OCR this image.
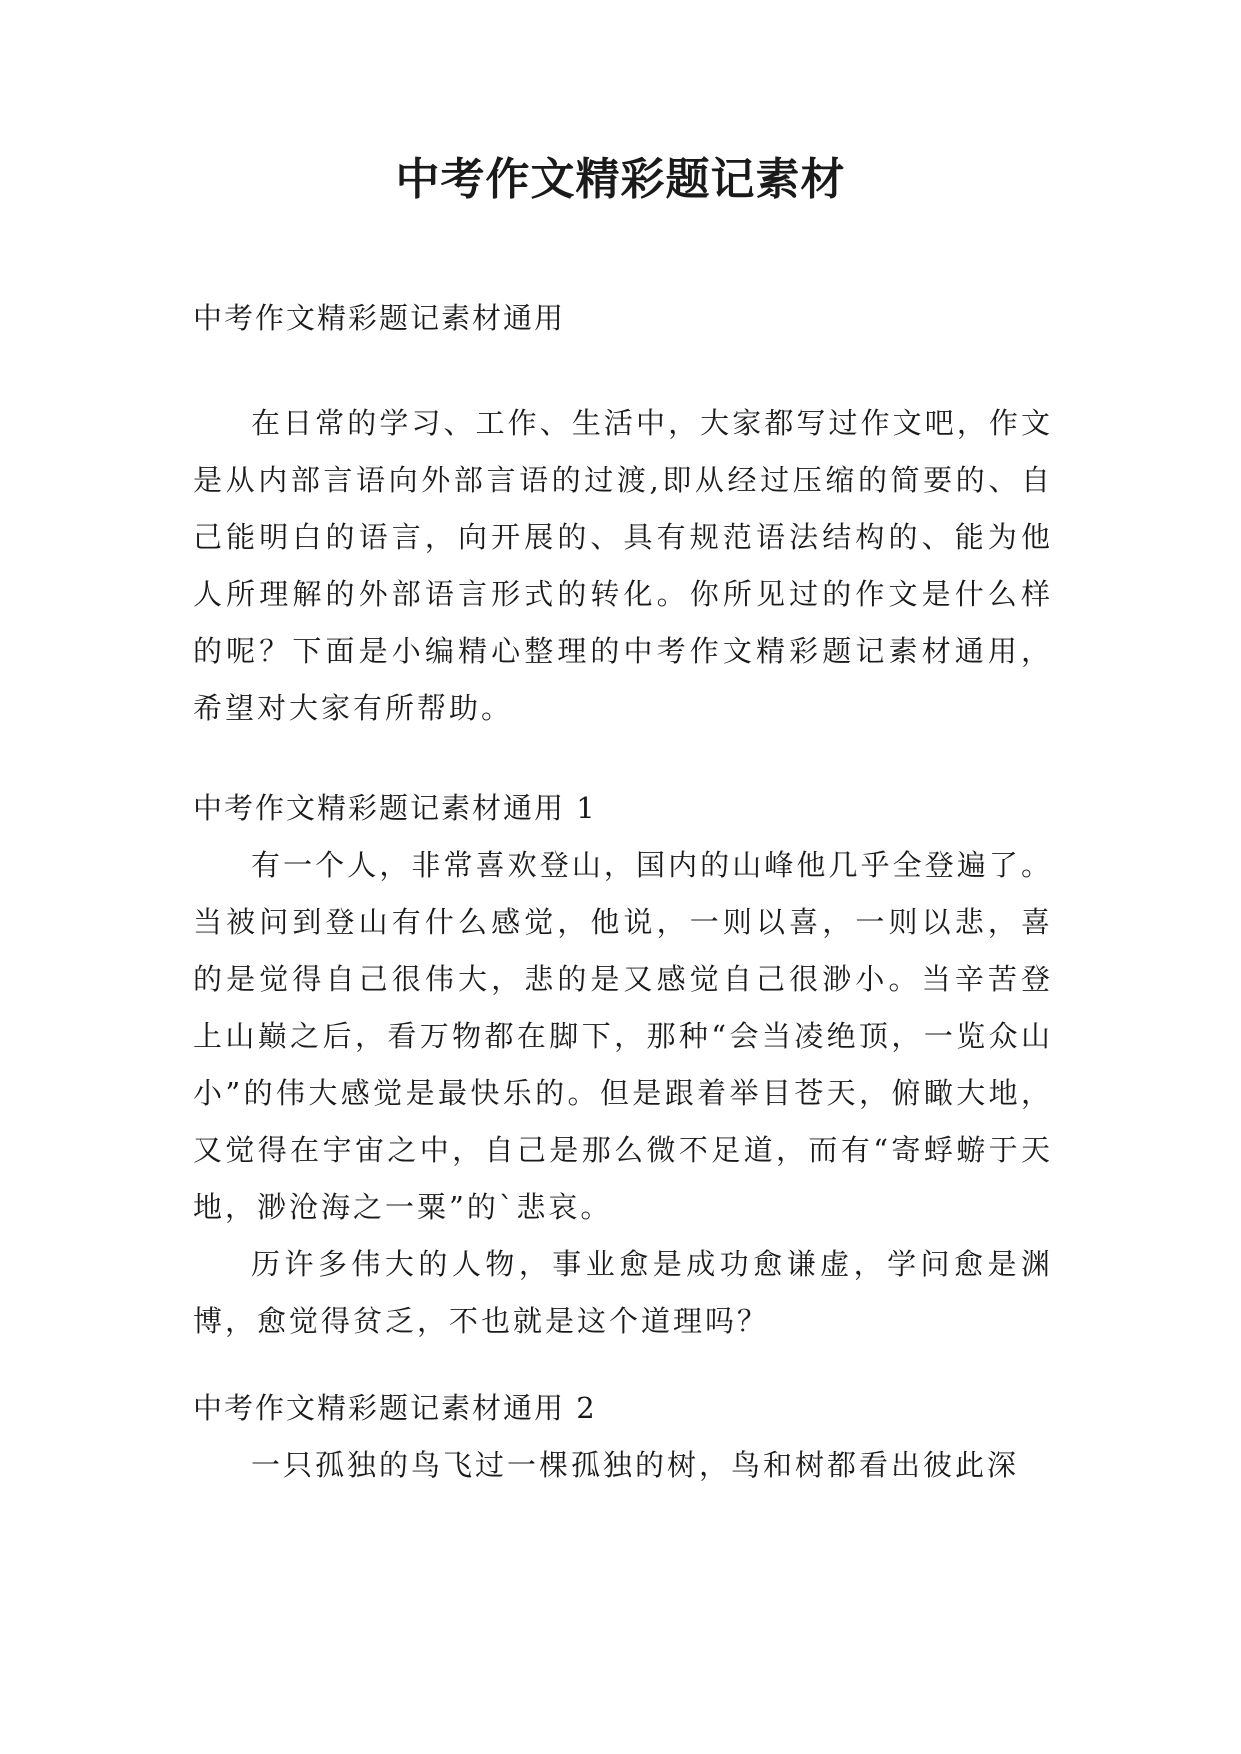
中考作文精彩题记素材

中考作文精彩题记素材通用

在日常的学习、工作、生活中，大家都写过作文吧，作文是从内部言语向外部言语的过渡,即从经过压缩的简要的、自己能明白的语言，向开展的、具有规范语法结构的、能为他人所理解的外部语言形式的转化。你所见过的作文是什么样的呢？下面是小编精心整理的中考作文精彩题记素材通用，希望对大家有所帮助。

中考作文精彩题记素材通用 1

有一个人，非常喜欢登山，国内的山峰他几乎全登遍了。当被问到登山有什么感觉，他说，一则以喜，一则以悲，喜的是觉得自己很伟大，悲的是又感觉自己很渺小。当辛苦登上山巅之后，看万物都在脚下，那种“会当凌绝顶，一览众山小”的伟大感觉是最快乐的。但是跟着举目苍天，俯瞰大地，又觉得在宇宙之中，自己是那么微不足道，而有“寄蜉蝣于天地，渺沧海之一粟”的`悲哀。

历许多伟大的人物，事业愈是成功愈谦虚，学问愈是渊博，愈觉得贫乏，不也就是这个道理吗？

中考作文精彩题记素材通用 2

一只孤独的鸟飞过一棵孤独的树，鸟和树都看出彼此深
